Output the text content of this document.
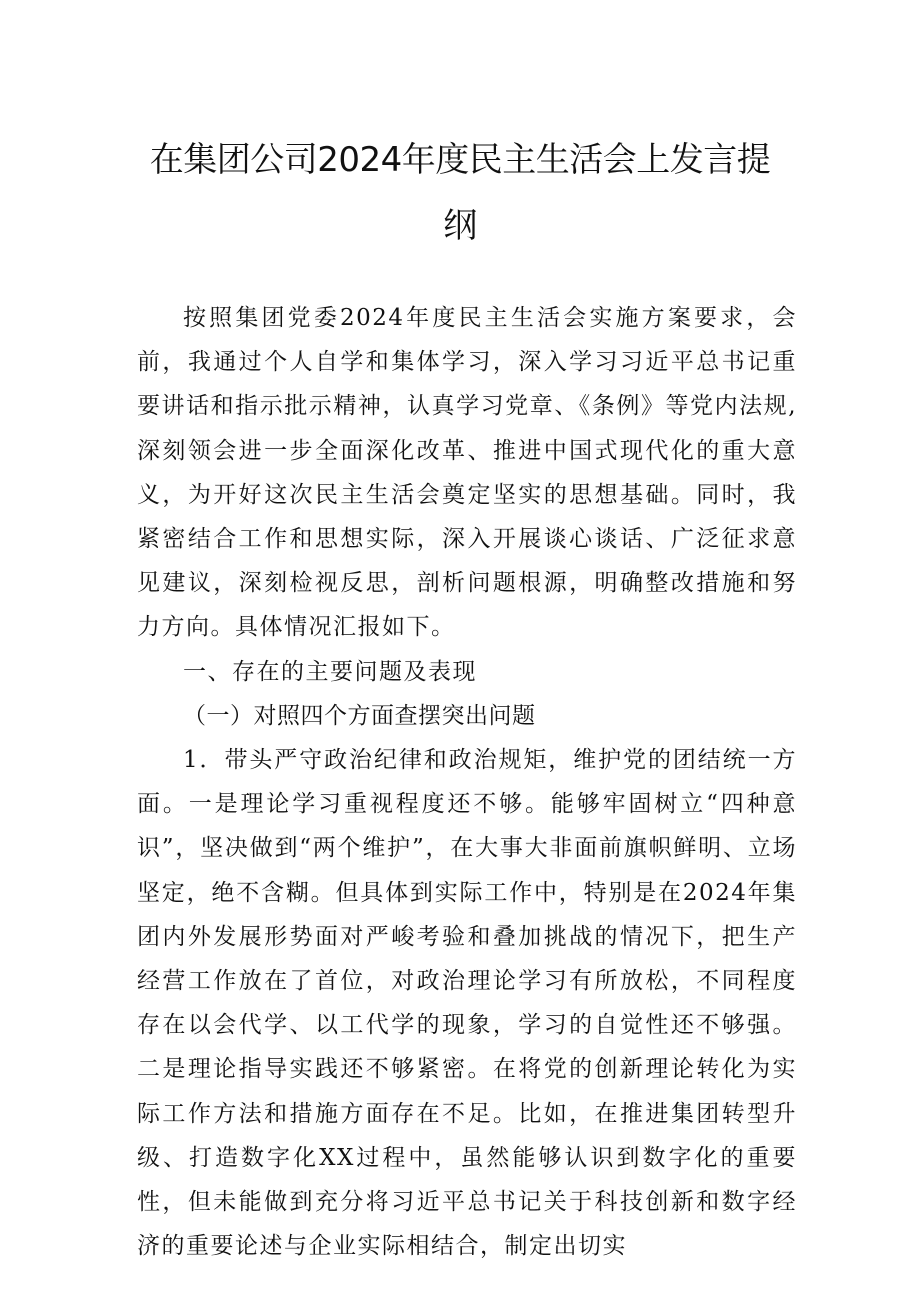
在集团公司2024年度民主生活会上发言提
纲

按照集团党委2024年度民主生活会实施方案要求，会前，我通过个人自学和集体学习，深入学习习近平总书记重要讲话和指示批示精神，认真学习党章、《条例》等党内法规,深刻领会进一步全面深化改革、推进中国式现代化的重大意义，为开好这次民主生活会奠定坚实的思想基础。同时，我紧密结合工作和思想实际，深入开展谈心谈话、广泛征求意见建议，深刻检视反思，剖析问题根源，明确整改措施和努力方向。具体情况汇报如下。

一、存在的主要问题及表现

（一）对照四个方面查摆突出问题

1．带头严守政治纪律和政治规矩，维护党的团结统一方面。一是理论学习重视程度还不够。能够牢固树立“四种意识”，坚决做到“两个维护”，在大事大非面前旗帜鲜明、立场坚定，绝不含糊。但具体到实际工作中，特别是在2024年集团内外发展形势面对严峻考验和叠加挑战的情况下，把生产经营工作放在了首位，对政治理论学习有所放松，不同程度存在以会代学、以工代学的现象，学习的自觉性还不够强。二是理论指导实践还不够紧密。在将党的创新理论转化为实际工作方法和措施方面存在不足。比如，在推进集团转型升级、打造数字化XX过程中，虽然能够认识到数字化的重要性，但未能做到充分将习近平总书记关于科技创新和数字经济的重要论述与企业实际相结合，制定出切实
